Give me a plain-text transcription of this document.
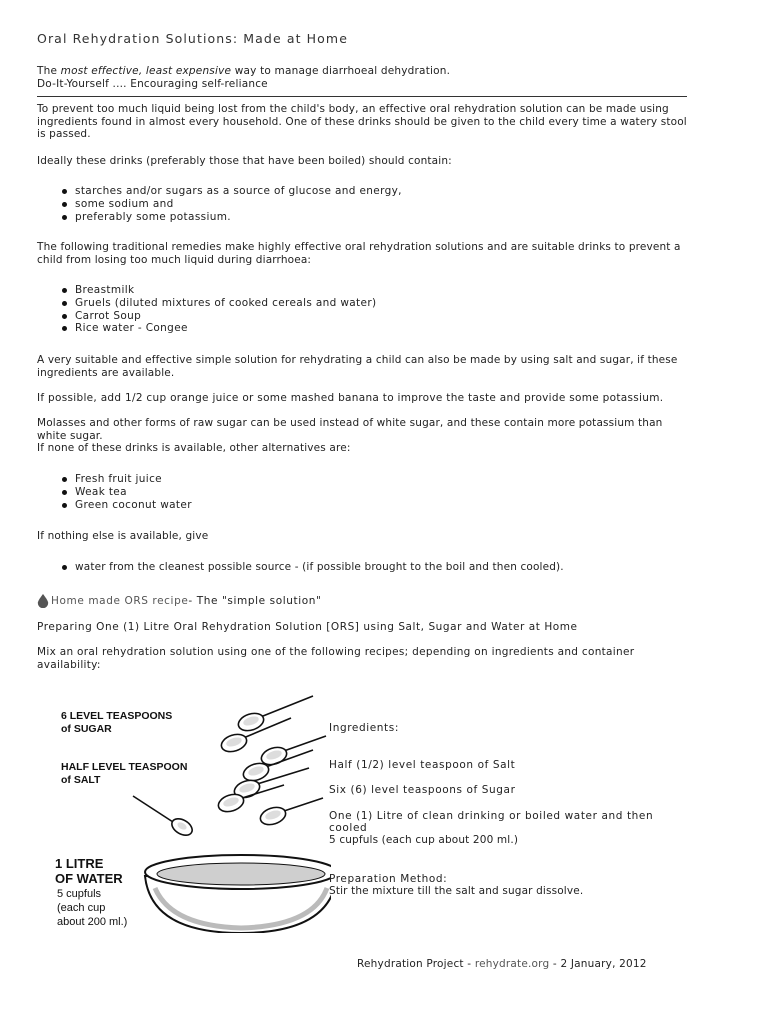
Oral Rehydration Solutions: Made at Home
The most effective, least expensive way to manage diarrhoeal dehydration.
Do-It-Yourself .... Encouraging self-reliance
To prevent too much liquid being lost from the child's body, an effective oral rehydration solution can be made using ingredients found in almost every household. One of these drinks should be given to the child every time a watery stool is passed.
Ideally these drinks (preferably those that have been boiled) should contain:
starches and/or sugars as a source of glucose and energy,
some sodium and
preferably some potassium.
The following traditional remedies make highly effective oral rehydration solutions and are suitable drinks to prevent a child from losing too much liquid during diarrhoea:
Breastmilk
Gruels (diluted mixtures of cooked cereals and water)
Carrot Soup
Rice water - Congee
A very suitable and effective simple solution for rehydrating a child can also be made by using salt and sugar, if these ingredients are available.
If possible, add 1/2 cup orange juice or some mashed banana to improve the taste and provide some potassium.
Molasses and other forms of raw sugar can be used instead of white sugar, and these contain more potassium than white sugar.
If none of these drinks is available, other alternatives are:
Fresh fruit juice
Weak tea
Green coconut water
If nothing else is available, give
water from the cleanest possible source - (if possible brought to the boil and then cooled).
Home made ORS recipe - The "simple solution"
Preparing One (1) Litre Oral Rehydration Solution [ORS] using Salt, Sugar and Water at Home
Mix an oral rehydration solution using one of the following recipes; depending on ingredients and container availability:
6 LEVEL TEASPOONS
of SUGAR
HALF LEVEL TEASPOON
of SALT
1 LITRE
OF WATER
5 cupfuls
(each cup
about 200 ml.)
Ingredients:
Half (1/2) level teaspoon of Salt
Six (6) level teaspoons of Sugar
One (1) Litre of clean drinking or boiled water and then
cooled
5 cupfuls (each cup about 200 ml.)
Preparation Method:
Stir the mixture till the salt and sugar dissolve.
Rehydration Project - rehydrate.org - 2 January, 2012
